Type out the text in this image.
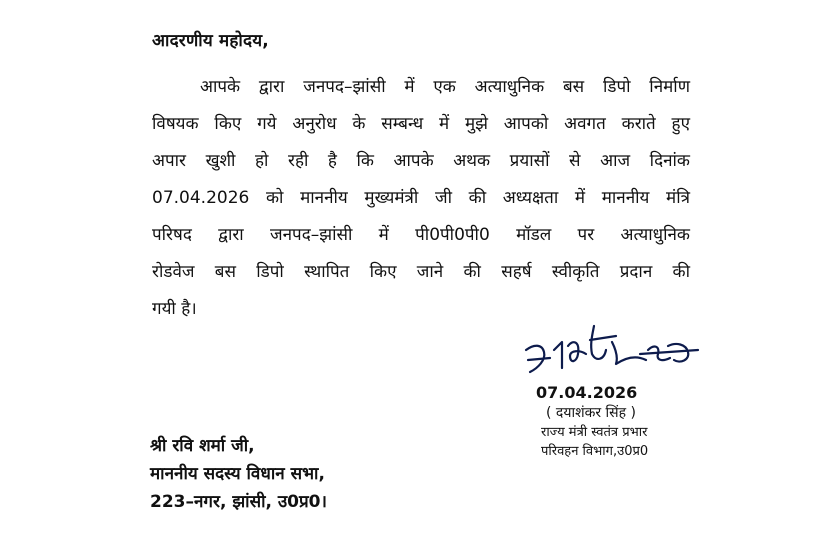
आदरणीय महोदय,
आपके द्वारा जनपद–झांसी में एक अत्याधुनिक बस डिपो निर्माण
विषयक किए गये अनुरोध के सम्बन्ध में मुझे आपको अवगत कराते हुए
अपार खुशी हो रही है कि आपके अथक प्रयासों से आज दिनांक
07.04.2026 को माननीय मुख्यमंत्री जी की अध्यक्षता में माननीय मंत्रि
परिषद द्वारा जनपद–झांसी में पी0पी0पी0 मॉडल पर अत्याधुनिक
रोडवेज बस डिपो स्थापित किए जाने की सहर्ष स्वीकृति प्रदान की
गयी है।
07.04.2026
( दयाशंकर सिंह )
राज्य मंत्री स्वतंत्र प्रभार
परिवहन विभाग,उ0प्र0
श्री रवि शर्मा जी,
माननीय सदस्य विधान सभा,
223–नगर, झांसी, उ0प्र0।
